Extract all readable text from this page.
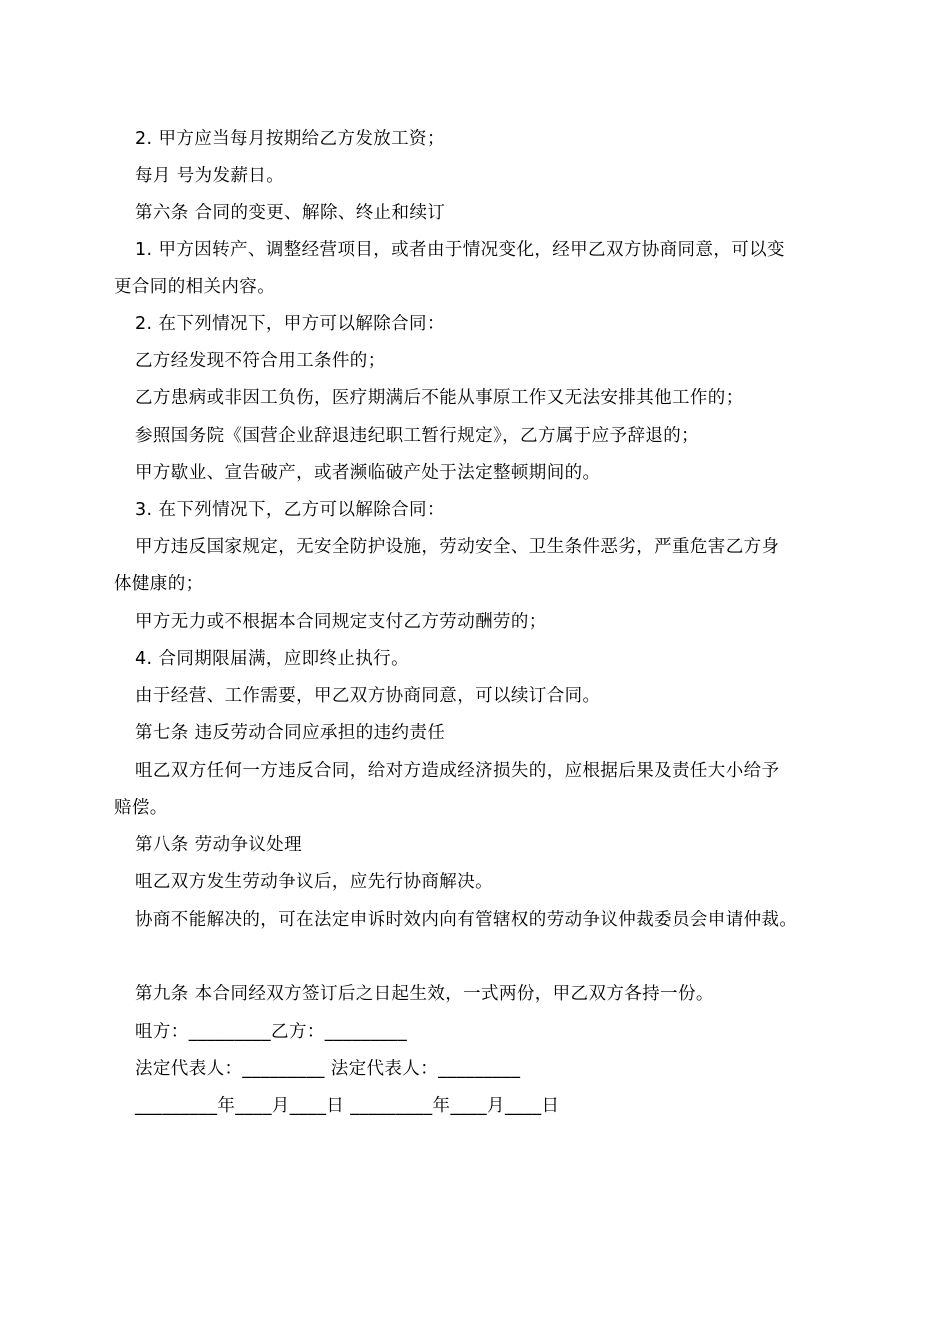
2. 甲方应当每月按期给乙方发放工资；
每月 号为发薪日。
第六条 合同的变更、解除、终止和续订
1. 甲方因转产、调整经营项目，或者由于情况变化，经甲乙双方协商同意，可以变
更合同的相关内容。
2. 在下列情况下，甲方可以解除合同：
乙方经发现不符合用工条件的；
乙方患病或非因工负伤，医疗期满后不能从事原工作又无法安排其他工作的；
参照国务院《国营企业辞退违纪职工暂行规定》，乙方属于应予辞退的；
甲方歇业、宣告破产，或者濒临破产处于法定整顿期间的。
3. 在下列情况下，乙方可以解除合同：
甲方违反国家规定，无安全防护设施，劳动安全、卫生条件恶劣，严重危害乙方身
体健康的；
甲方无力或不根据本合同规定支付乙方劳动酬劳的；
4. 合同期限届满，应即终止执行。
由于经营、工作需要，甲乙双方协商同意，可以续订合同。
第七条 违反劳动合同应承担的违约责任
咀乙双方任何一方违反合同，给对方造成经济损失的，应根据后果及责任大小给予
赔偿。
第八条 劳动争议处理
咀乙双方发生劳动争议后，应先行协商解决。
协商不能解决的，可在法定申诉时效内向有管辖权的劳动争议仲裁委员会申请仲裁。
第九条 本合同经双方签订后之日起生效，一式两份，甲乙双方各持一份。
咀方：_________乙方：_________
法定代表人：_________ 法定代表人：_________
_________年____月____日 _________年____月____日
